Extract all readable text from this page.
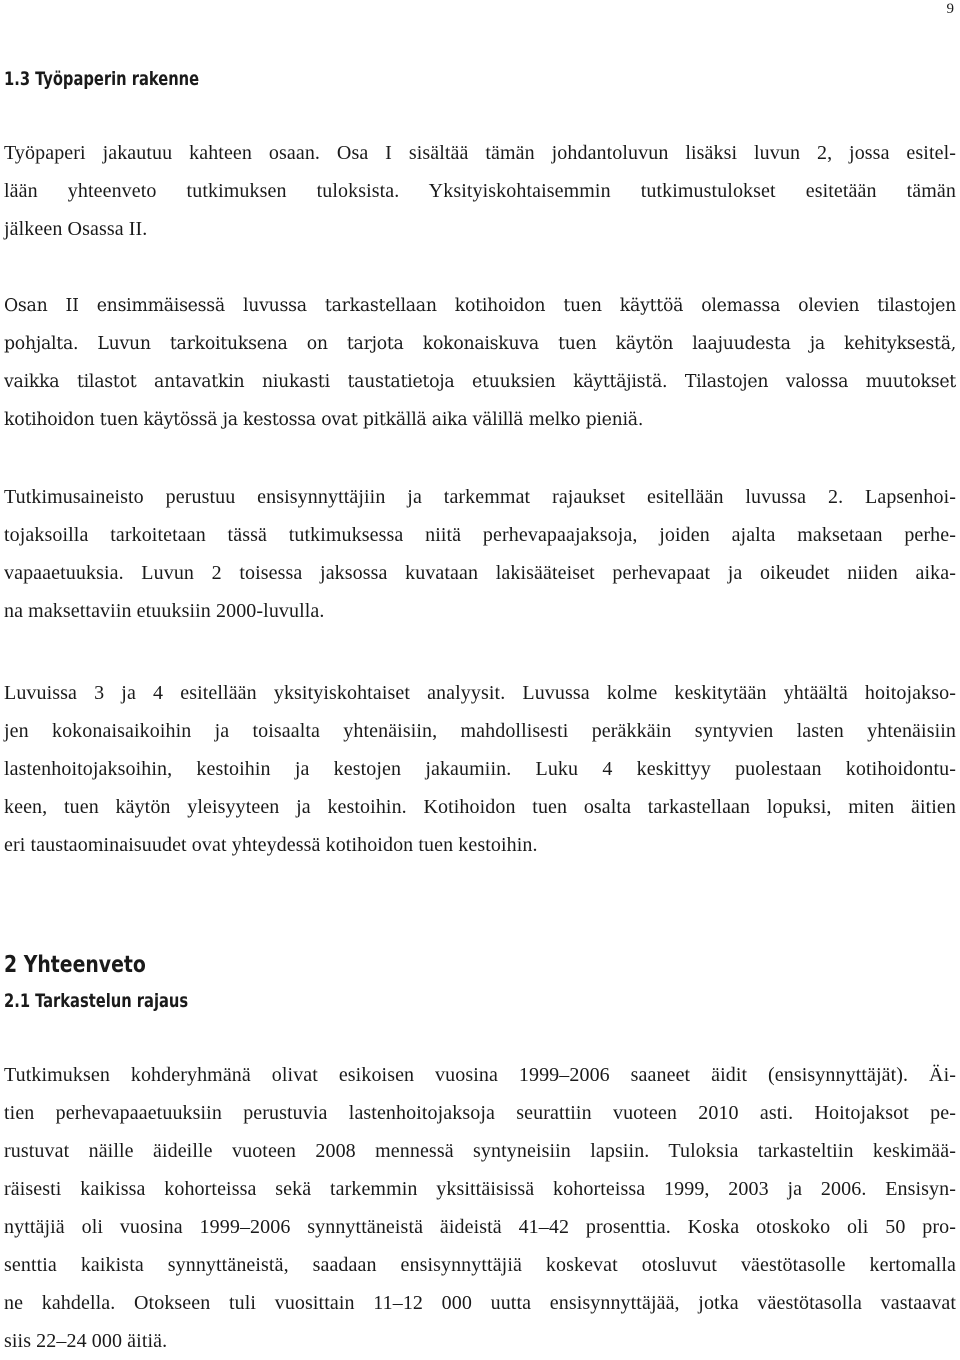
9
1.3 Työpaperin rakenne

Työpaperi jakautuu kahteen osaan. Osa I sisältää tämän johdantoluvun lisäksi luvun 2, jossa esitel-
lään yhteenveto tutkimuksen tuloksista. Yksityiskohtaisemmin tutkimustulokset esitetään tämän
jälkeen Osassa II.

Osan II ensimmäisessä luvussa tarkastellaan kotihoidon tuen käyttöä olemassa olevien tilastojen
pohjalta. Luvun tarkoituksena on tarjota kokonaiskuva tuen käytön laajuudesta ja kehityksestä,
vaikka tilastot antavatkin niukasti taustatietoja etuuksien käyttäjistä. Tilastojen valossa muutokset
kotihoidon tuen käytössä ja kestossa ovat pitkällä aika välillä melko pieniä.

Tutkimusaineisto perustuu ensisynnyttäjiin ja tarkemmat rajaukset esitellään luvussa 2. Lapsenhoi-
tojaksoilla tarkoitetaan tässä tutkimuksessa niitä perhevapaajaksoja, joiden ajalta maksetaan perhe-
vapaaetuuksia. Luvun 2 toisessa jaksossa kuvataan lakisääteiset perhevapaat ja oikeudet niiden aika-
na maksettaviin etuuksiin 2000-luvulla.

Luvuissa 3 ja 4 esitellään yksityiskohtaiset analyysit. Luvussa kolme keskitytään yhtäältä hoitojakso-
jen kokonaisaikoihin ja toisaalta yhtenäisiin, mahdollisesti peräkkäin syntyvien lasten yhtenäisiin
lastenhoitojaksoihin, kestoihin ja kestojen jakaumiin. Luku 4 keskittyy puolestaan kotihoidontu-
keen, tuen käytön yleisyyteen ja kestoihin. Kotihoidon tuen osalta tarkastellaan lopuksi, miten äitien
eri taustaominaisuudet ovat yhteydessä kotihoidon tuen kestoihin.

2 Yhteenveto
2.1 Tarkastelun rajaus

Tutkimuksen kohderyhmänä olivat esikoisen vuosina 1999–2006 saaneet äidit (ensisynnyttäjät). Äi-
tien perhevapaaetuuksiin perustuvia lastenhoitojaksoja seurattiin vuoteen 2010 asti. Hoitojaksot pe-
rustuvat näille äideille vuoteen 2008 mennessä syntyneisiin lapsiin. Tuloksia tarkasteltiin keskimää-
räisesti kaikissa kohorteissa sekä tarkemmin yksittäisissä kohorteissa 1999, 2003 ja 2006. Ensisyn-
nyttäjiä oli vuosina 1999–2006 synnyttäneistä äideistä 41–42 prosenttia. Koska otoskoko oli 50 pro-
senttia kaikista synnyttäneistä, saadaan ensisynnyttäjiä koskevat otosluvut väestötasolle kertomalla
ne kahdella. Otokseen tuli vuosittain 11–12 000 uutta ensisynnyttäjää, jotka väestötasolla vastaavat
siis 22–24 000 äitiä.
